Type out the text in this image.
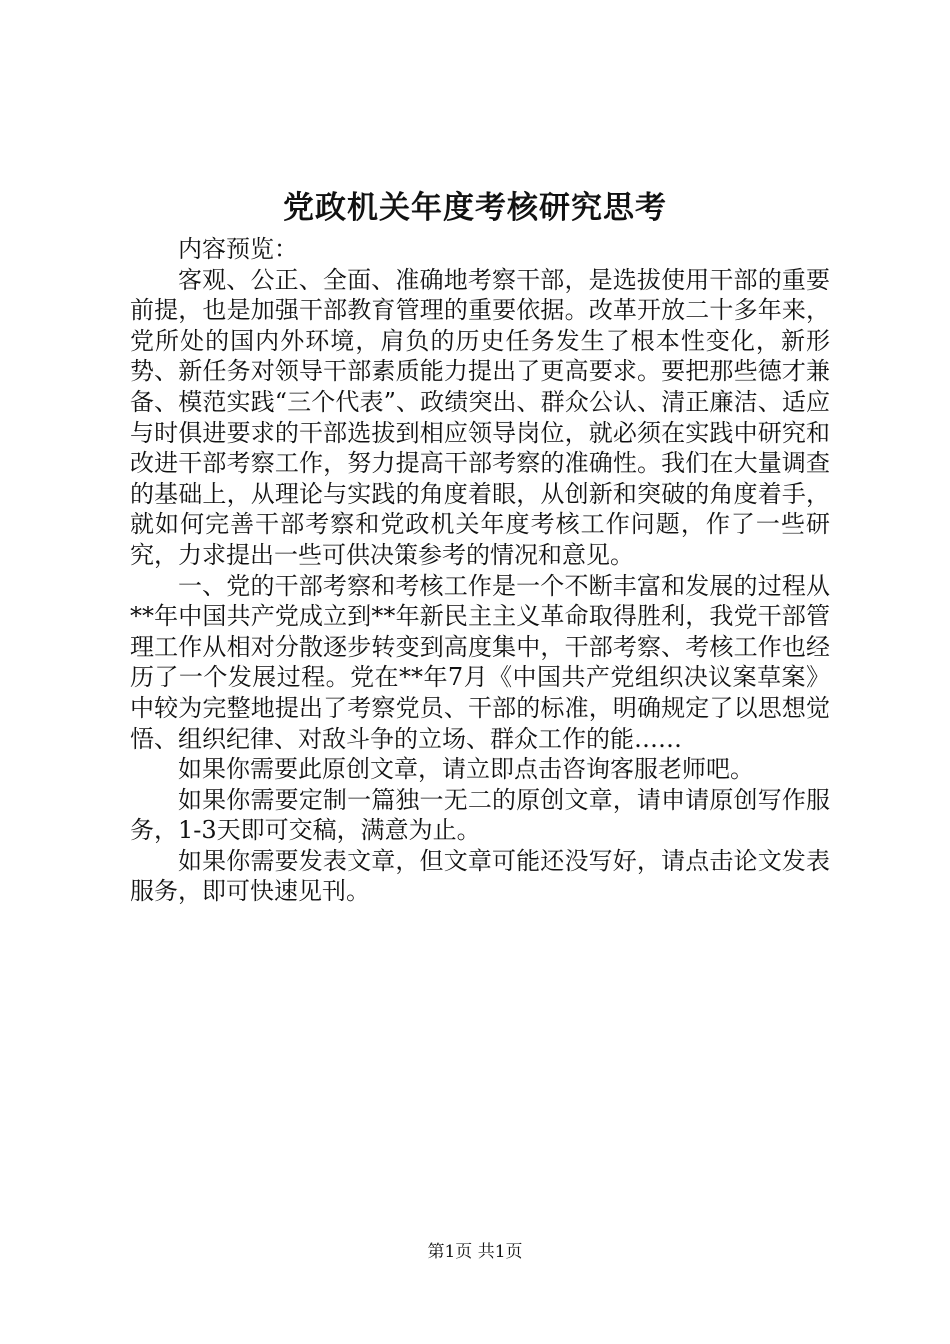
党政机关年度考核研究思考

内容预览：

客观、公正、全面、准确地考察干部，是选拔使用干部的重要前提，也是加强干部教育管理的重要依据。改革开放二十多年来，党所处的国内外环境，肩负的历史任务发生了根本性变化，新形势、新任务对领导干部素质能力提出了更高要求。要把那些德才兼备、模范实践“三个代表”、政绩突出、群众公认、清正廉洁、适应与时俱进要求的干部选拔到相应领导岗位，就必须在实践中研究和改进干部考察工作，努力提高干部考察的准确性。我们在大量调查的基础上，从理论与实践的角度着眼，从创新和突破的角度着手，就如何完善干部考察和党政机关年度考核工作问题，作了一些研究，力求提出一些可供决策参考的情况和意见。

一、党的干部考察和考核工作是一个不断丰富和发展的过程从**年中国共产党成立到**年新民主主义革命取得胜利，我党干部管理工作从相对分散逐步转变到高度集中，干部考察、考核工作也经历了一个发展过程。党在**年7月《中国共产党组织决议案草案》中较为完整地提出了考察党员、干部的标准，明确规定了以思想觉悟、组织纪律、对敌斗争的立场、群众工作的能……

如果你需要此原创文章，请立即点击咨询客服老师吧。

如果你需要定制一篇独一无二的原创文章，请申请原创写作服务，1-3天即可交稿，满意为止。

如果你需要发表文章，但文章可能还没写好，请点击论文发表服务，即可快速见刊。

第1页 共1页
